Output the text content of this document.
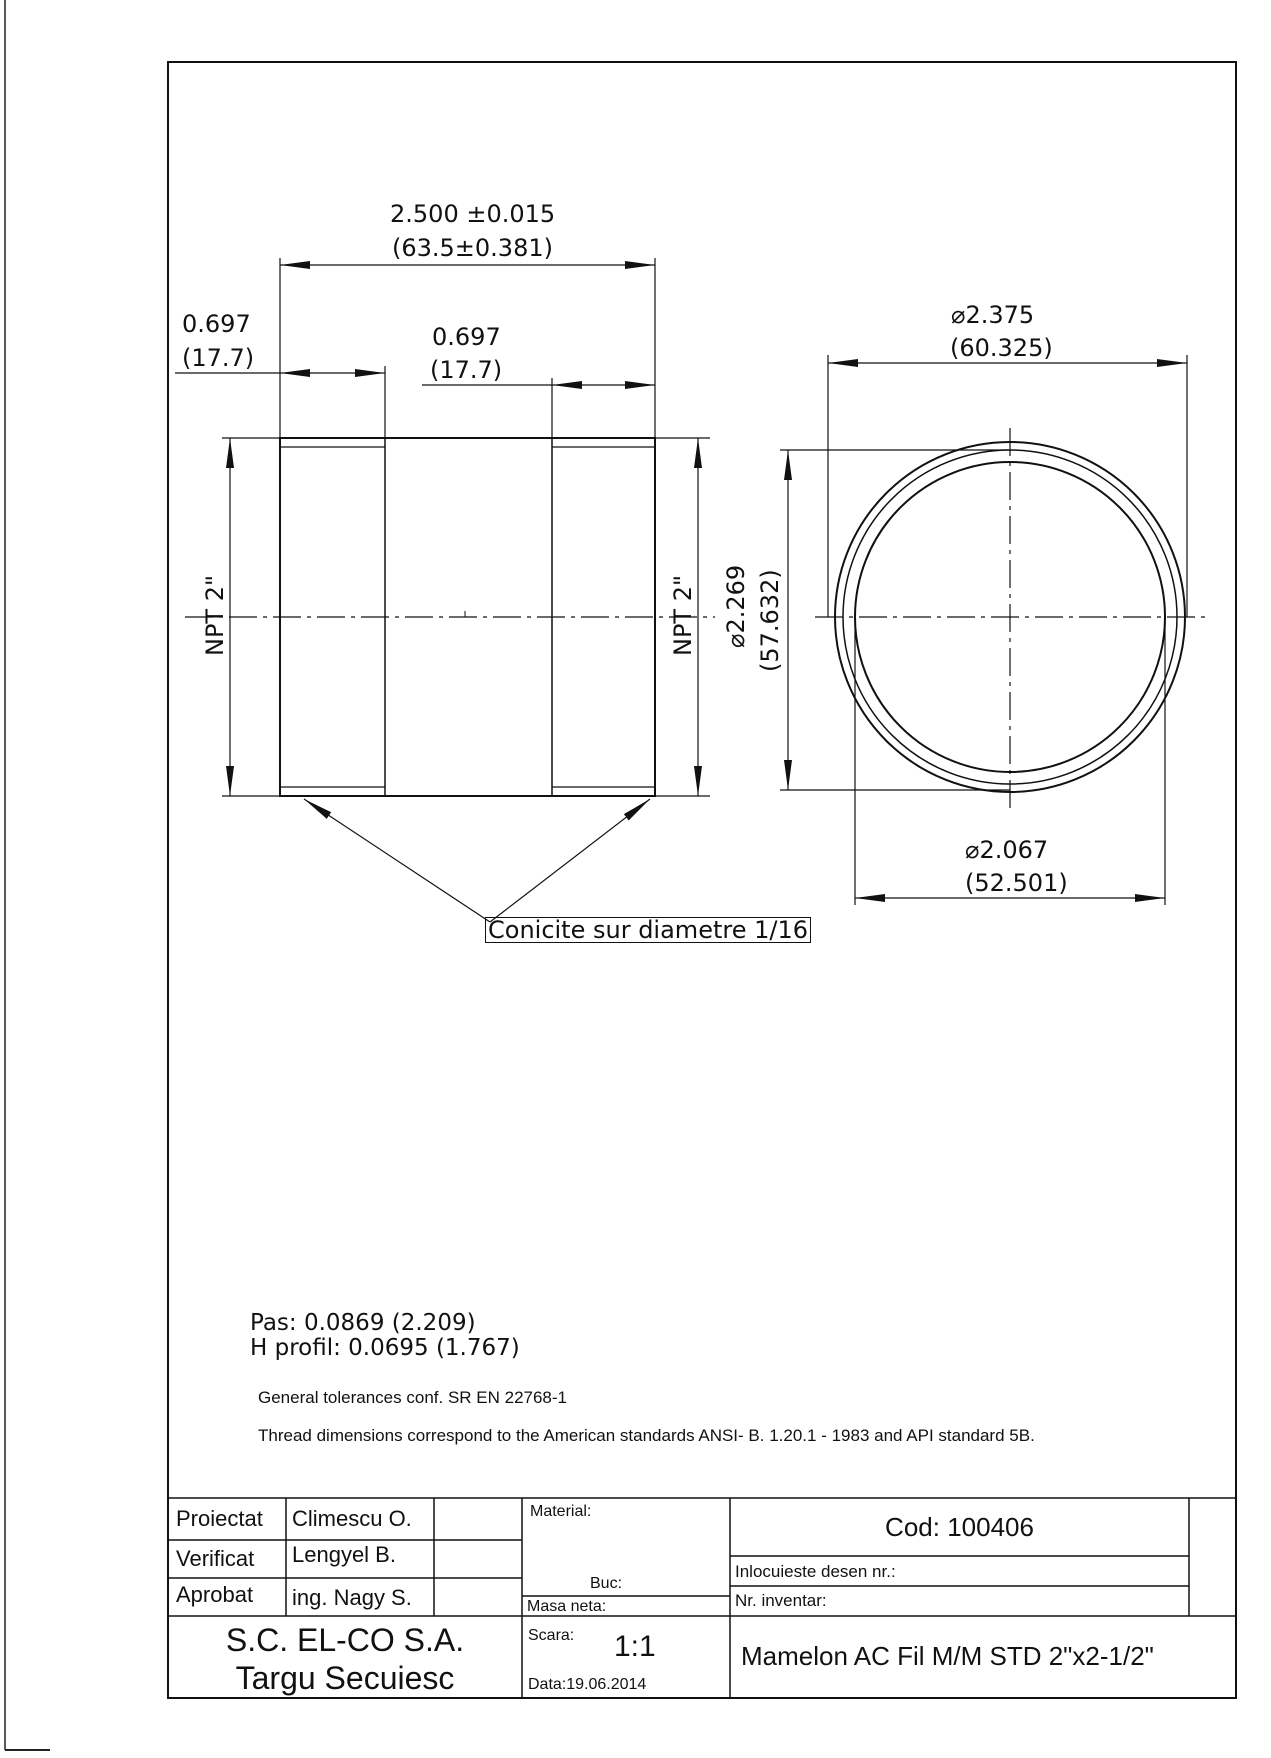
2.500 ±0.015
(63.5±0.381)
0.697
(17.7)
0.697
(17.7)
NPT 2"	NPT 2"
⌀2.375
(60.325)
⌀2.269 (57.632)
⌀2.067
(52.501)
Conicite sur diametre 1/16
Pas: 0.0869 (2.209)
H profil: 0.0695 (1.767)
General tolerances conf. SR EN 22768-1
Thread dimensions correspond to the American standards ANSI- B. 1.20.1 - 1983 and API standard 5B.
Proiectat Climescu O.
Verificat Lengyel B.
Aprobat ing. Nagy S.
S.C. EL-CO S.A.
Targu Secuiesc
Material:
Buc:
Masa neta:
Scara: 1:1
Data:19.06.2014
Cod: 100406
Inlocuieste desen nr.:
Nr. inventar:
Mamelon AC Fil M/M STD 2"x2-1/2"
